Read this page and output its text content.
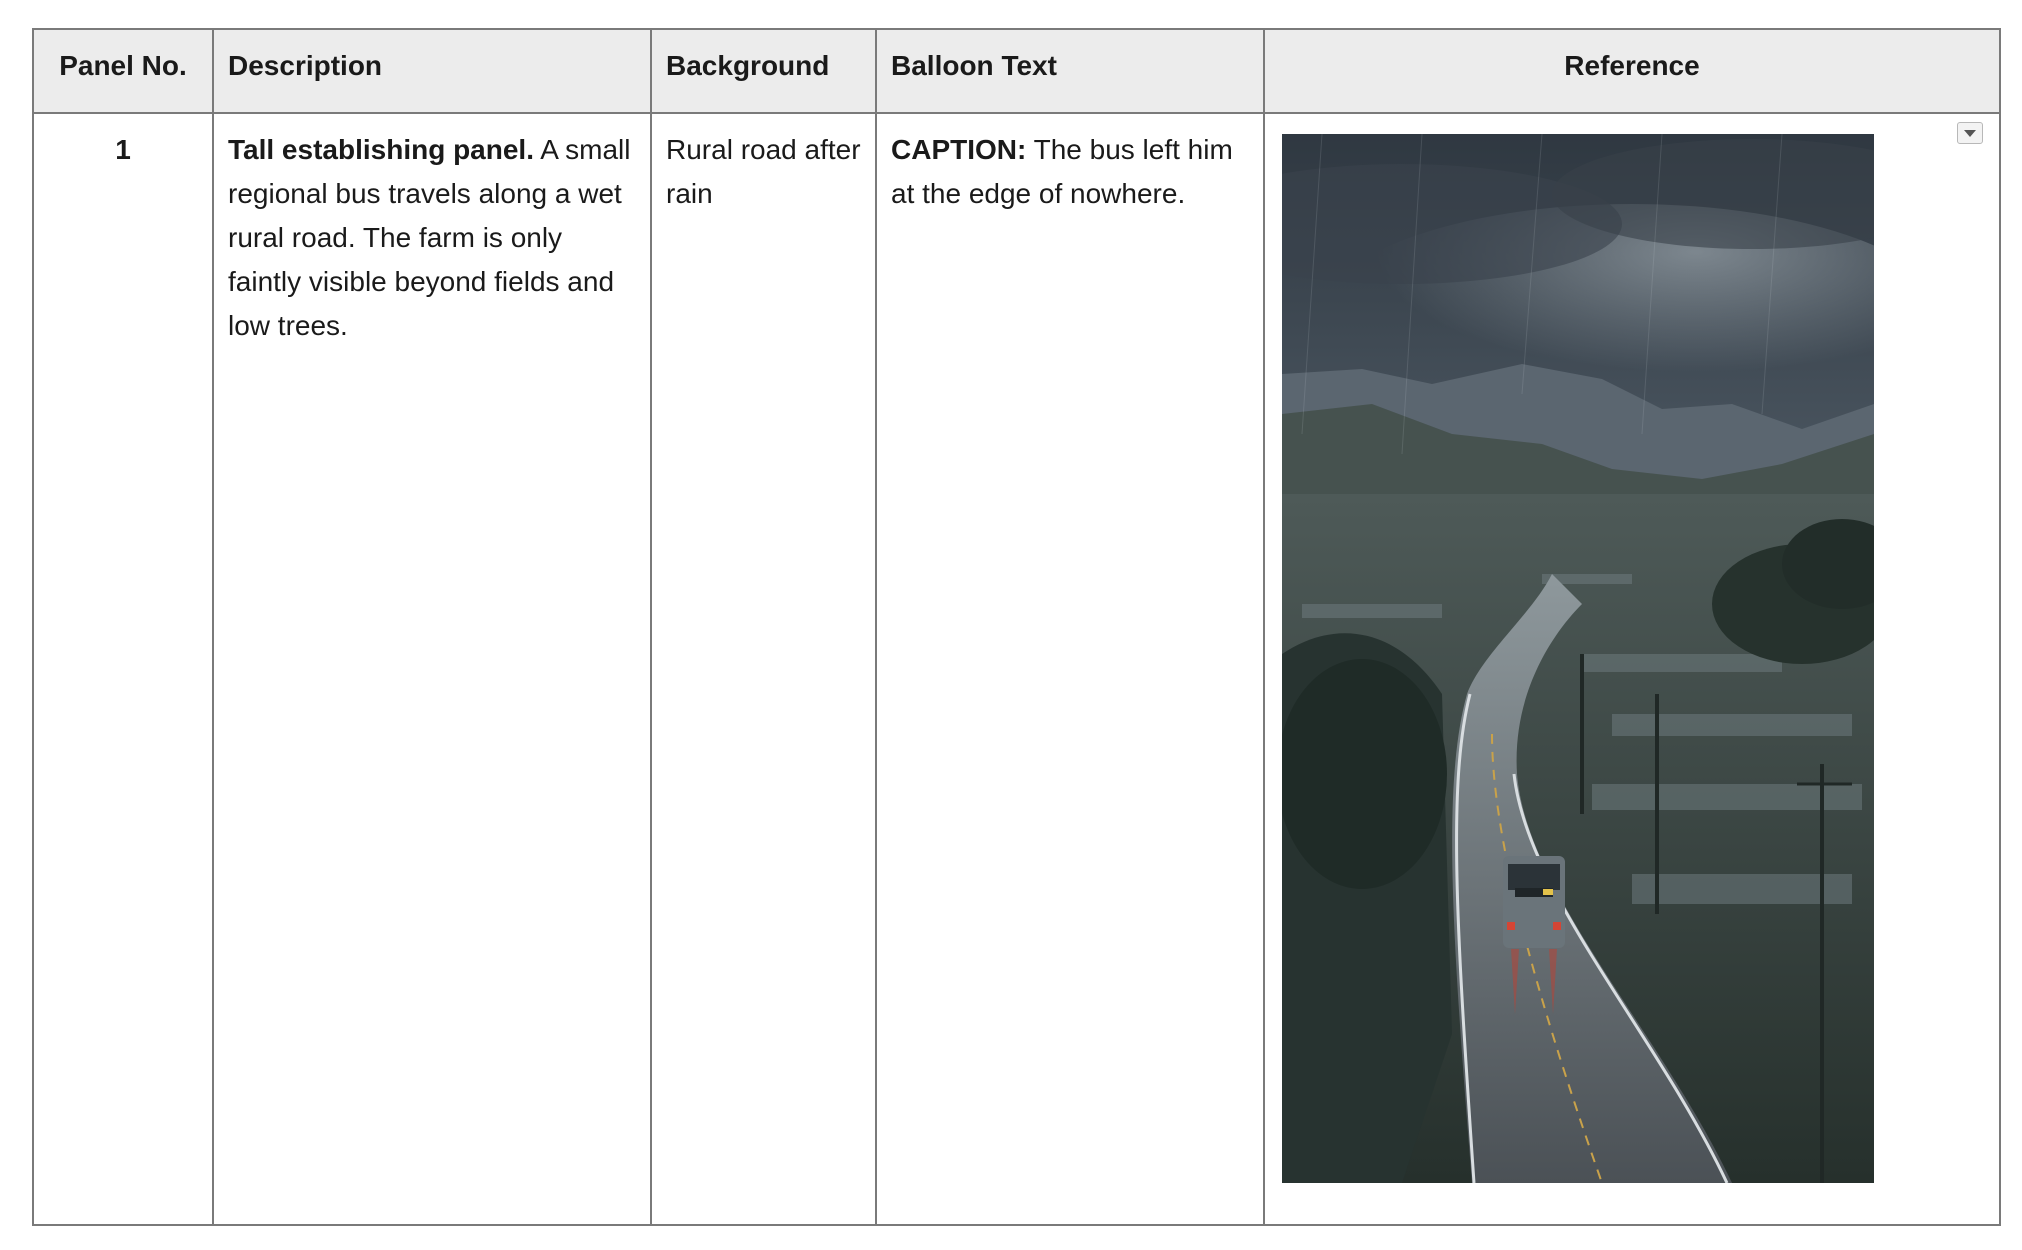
Panel No.	Description	Background	Balloon Text	Reference
1	Tall establishing panel. A small regional bus travels along a wet rural road. The farm is only faintly visible beyond fields and low trees.	Rural road after rain	CAPTION: The bus left him at the edge of nowhere.	
